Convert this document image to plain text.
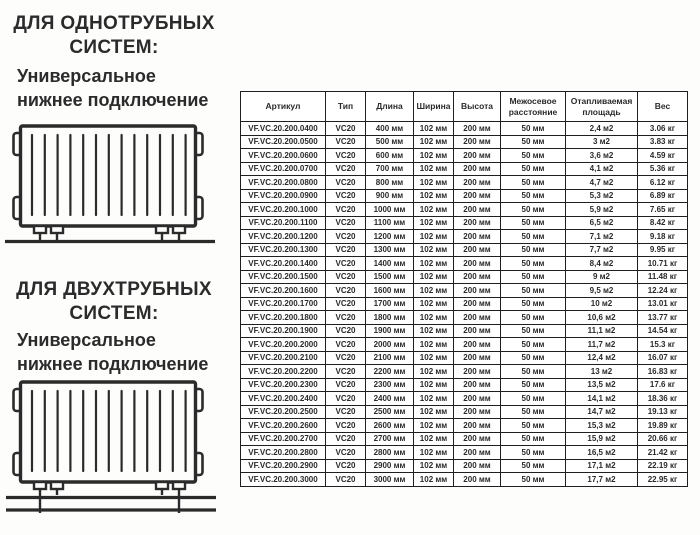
ДЛЯ ОДНОТРУБНЫХ
СИСТЕМ:
Универсальное
нижнее подключение
ДЛЯ ДВУХТРУБНЫХ
СИСТЕМ:
Универсальное
нижнее подключение
Артикул	Тип	Длина	Ширина	Высота	Межосевое расстояние	Отапливаемая площадь	Вес
VF.VC.20.200.0400	VC20	400 мм	102 мм	200 мм	50 мм	2,4 м2	3.06 кг
VF.VC.20.200.0500	VC20	500 мм	102 мм	200 мм	50 мм	3 м2	3.83 кг
VF.VC.20.200.0600	VC20	600 мм	102 мм	200 мм	50 мм	3,6 м2	4.59 кг
VF.VC.20.200.0700	VC20	700 мм	102 мм	200 мм	50 мм	4,1 м2	5.36 кг
VF.VC.20.200.0800	VC20	800 мм	102 мм	200 мм	50 мм	4,7 м2	6.12 кг
VF.VC.20.200.0900	VC20	900 мм	102 мм	200 мм	50 мм	5,3 м2	6.89 кг
VF.VC.20.200.1000	VC20	1000 мм	102 мм	200 мм	50 мм	5,9 м2	7.65 кг
VF.VC.20.200.1100	VC20	1100 мм	102 мм	200 мм	50 мм	6,5 м2	8.42 кг
VF.VC.20.200.1200	VC20	1200 мм	102 мм	200 мм	50 мм	7,1 м2	9.18 кг
VF.VC.20.200.1300	VC20	1300 мм	102 мм	200 мм	50 мм	7,7 м2	9.95 кг
VF.VC.20.200.1400	VC20	1400 мм	102 мм	200 мм	50 мм	8,4 м2	10.71 кг
VF.VC.20.200.1500	VC20	1500 мм	102 мм	200 мм	50 мм	9 м2	11.48 кг
VF.VC.20.200.1600	VC20	1600 мм	102 мм	200 мм	50 мм	9,5 м2	12.24 кг
VF.VC.20.200.1700	VC20	1700 мм	102 мм	200 мм	50 мм	10 м2	13.01 кг
VF.VC.20.200.1800	VC20	1800 мм	102 мм	200 мм	50 мм	10,6 м2	13.77 кг
VF.VC.20.200.1900	VC20	1900 мм	102 мм	200 мм	50 мм	11,1 м2	14.54 кг
VF.VC.20.200.2000	VC20	2000 мм	102 мм	200 мм	50 мм	11,7 м2	15.3 кг
VF.VC.20.200.2100	VC20	2100 мм	102 мм	200 мм	50 мм	12,4 м2	16.07 кг
VF.VC.20.200.2200	VC20	2200 мм	102 мм	200 мм	50 мм	13 м2	16.83 кг
VF.VC.20.200.2300	VC20	2300 мм	102 мм	200 мм	50 мм	13,5 м2	17.6 кг
VF.VC.20.200.2400	VC20	2400 мм	102 мм	200 мм	50 мм	14,1 м2	18.36 кг
VF.VC.20.200.2500	VC20	2500 мм	102 мм	200 мм	50 мм	14,7 м2	19.13 кг
VF.VC.20.200.2600	VC20	2600 мм	102 мм	200 мм	50 мм	15,3 м2	19.89 кг
VF.VC.20.200.2700	VC20	2700 мм	102 мм	200 мм	50 мм	15,9 м2	20.66 кг
VF.VC.20.200.2800	VC20	2800 мм	102 мм	200 мм	50 мм	16,5 м2	21.42 кг
VF.VC.20.200.2900	VC20	2900 мм	102 мм	200 мм	50 мм	17,1 м2	22.19 кг
VF.VC.20.200.3000	VC20	3000 мм	102 мм	200 мм	50 мм	17,7 м2	22.95 кг
